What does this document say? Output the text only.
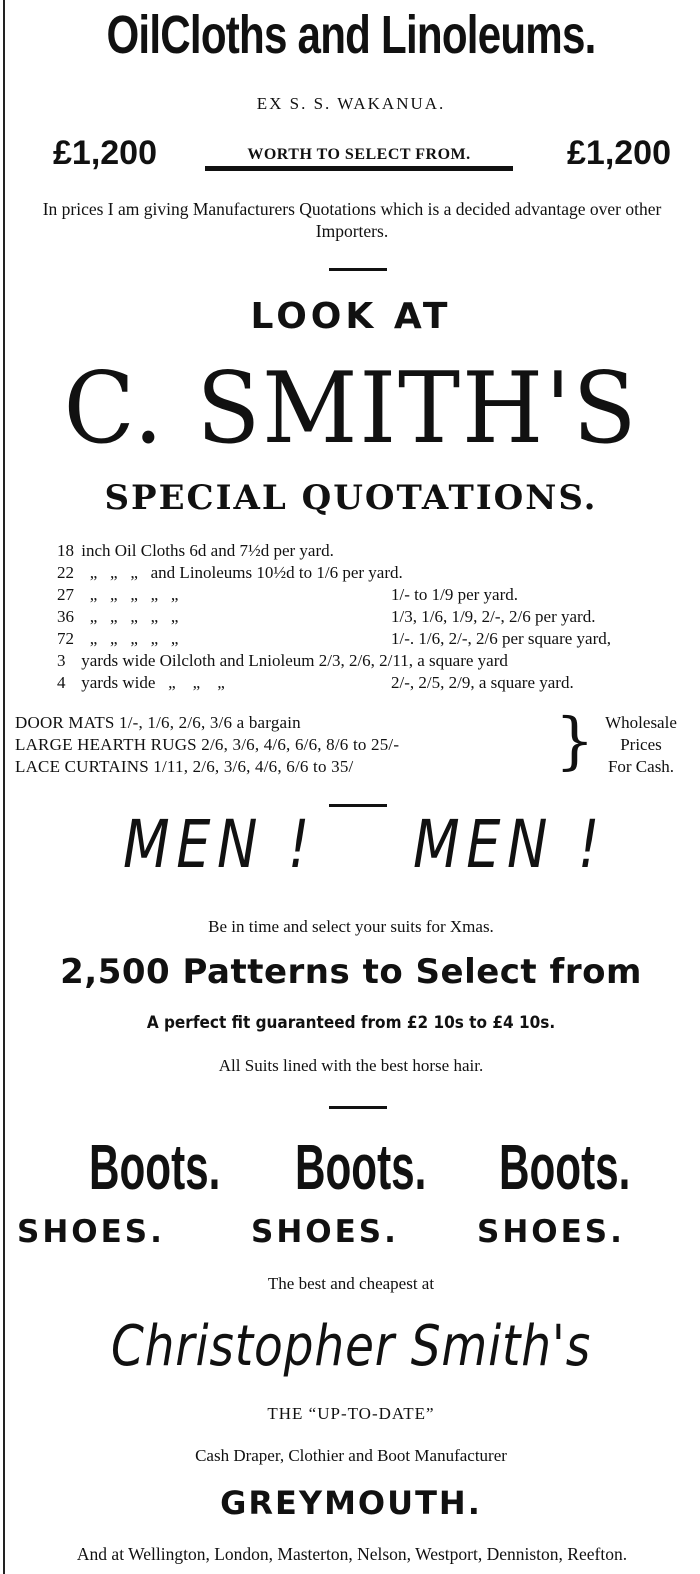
OilCloths and Linoleums.
EX S. S. WAKANUA.
£1,200	WORTH TO SELECT FROM.	£1,200
In prices I am giving Manufacturers Quotations which is a decided advantage over other Importers.
LOOK AT
C. SMITH'S
SPECIAL QUOTATIONS.
18 inch Oil Cloths 6d and 7½d per yard.
22   „   „   „   and Linoleums 10½d to 1/6 per yard.
27   „   „   „   „   „	1/- to 1/9 per yard.
36   „   „   „   „   „	1/3, 1/6, 1/9, 2/-, 2/6 per yard.
72   „   „   „   „   „	1/-. 1/6, 2/-, 2/6 per square yard,
3 yards wide Oilcloth and Lnioleum 2/3, 2/6, 2/11, a square yard
4 yards wide   „    „    „	2/-, 2/5, 2/9, a square yard.
DOOR MATS 1/-, 1/6, 2/6, 3/6 a bargain
LARGE HEARTH RUGS 2/6, 3/6, 4/6, 6/6, 8/6 to 25/-
LACE CURTAINS 1/11, 2/6, 3/6, 4/6, 6/6 to 35/	} Wholesale
Prices
For Cash.
MEN ! MEN !
Be in time and select your suits for Xmas.
2,500 Patterns to Select from
A perfect fit guaranteed from £2 10s to £4 10s.
All Suits lined with the best horse hair.
Boots. Boots. Boots.
SHOES.	SHOES.	SHOES.
The best and cheapest at
Christopher Smith's
THE “UP-TO-DATE”
Cash Draper, Clothier and Boot Manufacturer
GREYMOUTH.
And at Wellington, London, Masterton, Nelson, Westport, Denniston, Reefton.
